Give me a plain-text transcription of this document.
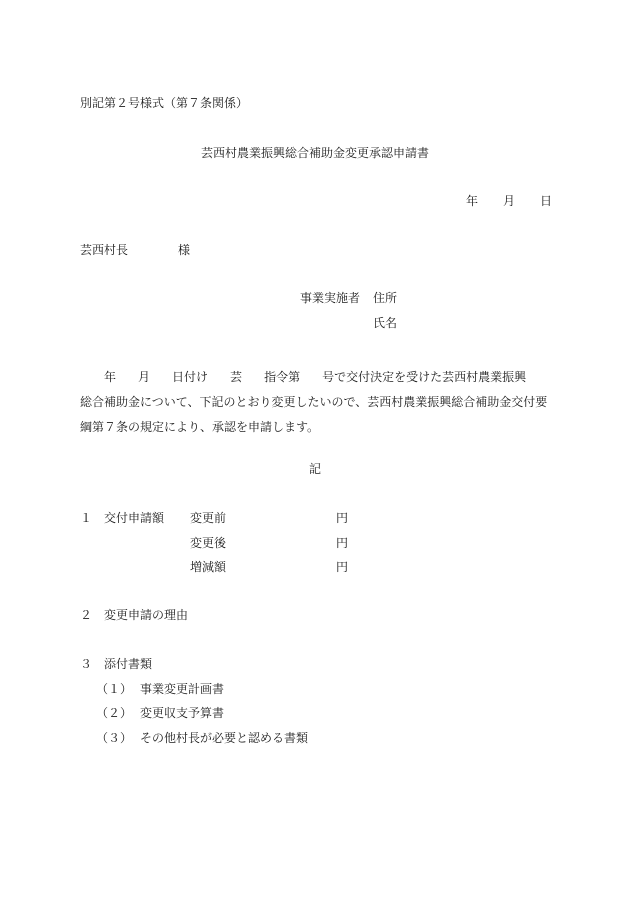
別記第２号様式（第７条関係）
芸西村農業振興総合補助金変更承認申請書
年 月 日
芸西村長	様
事業実施者 住所
氏名

年 月 日付け 芸 指令第 号で交付決定を受けた芸西村農業振興

総合補助金について、下記のとおり変更したいので、芸西村農業振興総合補助金交付要

綱第７条の規定により、承認を申請します。

記
１ 交付申請額 変更前	円
変更後	円
増減額	円
２ 変更申請の理由
３ 添付書類
（１） 事業変更計画書
（２） 変更収支予算書
（３） その他村長が必要と認める書類
